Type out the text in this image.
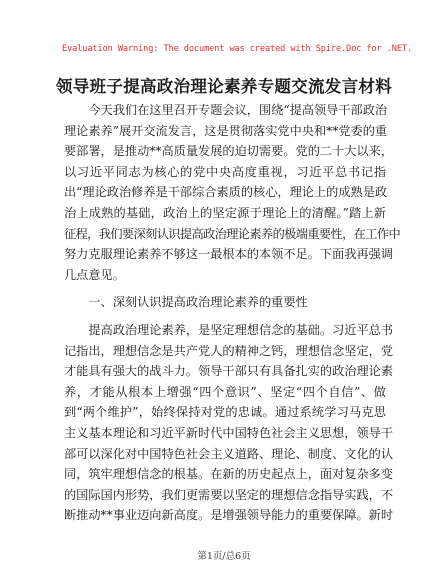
Evaluation Warning: The document was created with Spire.Doc for .NET.
领导班子提高政治理论素养专题交流发言材料
　　今天我们在这里召开专题会议，围绕“提高领导干部政治
理论素养”展开交流发言，这是贯彻落实党中央和**党委的重
要部署，是推动**高质量发展的迫切需要。党的二十大以来，
以习近平同志为核心的党中央高度重视，习近平总书记指
出“理论政治修养是干部综合素质的核心，理论上的成熟是政
治上成熟的基础，政治上的坚定源于理论上的清醒。”踏上新
征程，我们要深刻认识提高政治理论素养的极端重要性，在工作中
努力克服理论素养不够这一最根本的本领不足。下面我再强调
几点意见。
　　一、深刻认识提高政治理论素养的重要性
　　提高政治理论素养，是坚定理想信念的基础。习近平总书
记指出，理想信念是共产党人的精神之钙，理想信念坚定，党
才能具有强大的战斗力。领导干部只有具备扎实的政治理论素
养，才能从根本上增强“四个意识”、坚定“四个自信”、做
到“两个维护”，始终保持对党的忠诚。通过系统学习马克思
主义基本理论和习近平新时代中国特色社会主义思想，领导干
部可以深化对中国特色社会主义道路、理论、制度、文化的认
同，筑牢理想信念的根基。在新的历史起点上，面对复杂多变
的国际国内形势，我们更需要以坚定的理想信念指导实践，不
断推动**事业迈向新高度。是增强领导能力的重要保障。新时
第1页/总6页
